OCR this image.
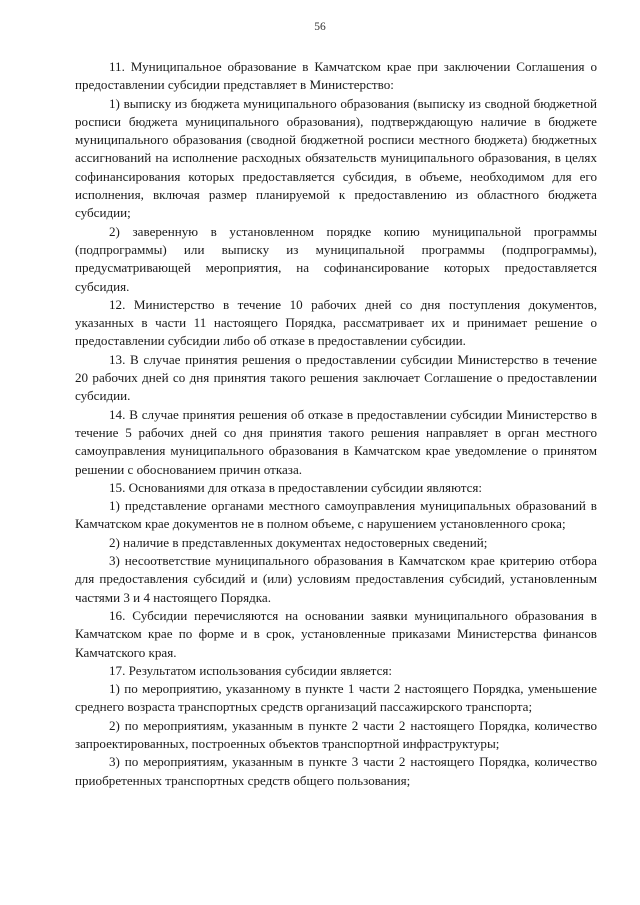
56

11. Муниципальное образование в Камчатском крае при заключении Соглашения о предоставлении субсидии представляет в Министерство:

1) выписку из бюджета муниципального образования (выписку из сводной бюджетной росписи бюджета муниципального образования), подтверждающую наличие в бюджете муниципального образования (сводной бюджетной росписи местного бюджета) бюджетных ассигнований на исполнение расходных обязательств муниципального образования, в целях софинансирования которых предоставляется субсидия, в объеме, необходимом для его исполнения, включая размер планируемой к предоставлению из областного бюджета субсидии;

2) заверенную в установленном порядке копию муниципальной программы (подпрограммы) или выписку из муниципальной программы (подпрограммы), предусматривающей мероприятия, на софинансирование которых предоставляется субсидия.

12. Министерство в течение 10 рабочих дней со дня поступления документов, указанных в части 11 настоящего Порядка, рассматривает их и принимает решение о предоставлении субсидии либо об отказе в предоставлении субсидии.

13. В случае принятия решения о предоставлении субсидии Министерство в течение 20 рабочих дней со дня принятия такого решения заключает Соглашение о предоставлении субсидии.

14. В случае принятия решения об отказе в предоставлении субсидии Министерство в течение 5 рабочих дней со дня принятия такого решения направляет в орган местного самоуправления муниципального образования в Камчатском крае уведомление о принятом решении с обоснованием причин отказа.

15. Основаниями для отказа в предоставлении субсидии являются:

1) представление органами местного самоуправления муниципальных образований в Камчатском крае документов не в полном объеме, с нарушением установленного срока;

2) наличие в представленных документах недостоверных сведений;

3) несоответствие муниципального образования в Камчатском крае критерию отбора для предоставления субсидий и (или) условиям предоставления субсидий, установленным частями 3 и 4 настоящего Порядка.

16. Субсидии перечисляются на основании заявки муниципального образования в Камчатском крае по форме и в срок, установленные приказами Министерства финансов Камчатского края.

17. Результатом использования субсидии является:

1) по мероприятию, указанному в пункте 1 части 2 настоящего Порядка, уменьшение среднего возраста транспортных средств организаций пассажирского транспорта;

2) по мероприятиям, указанным в пункте 2 части 2 настоящего Порядка, количество запроектированных, построенных объектов транспортной инфраструктуры;

3) по мероприятиям, указанным в пункте 3 части 2 настоящего Порядка, количество приобретенных транспортных средств общего пользования;
